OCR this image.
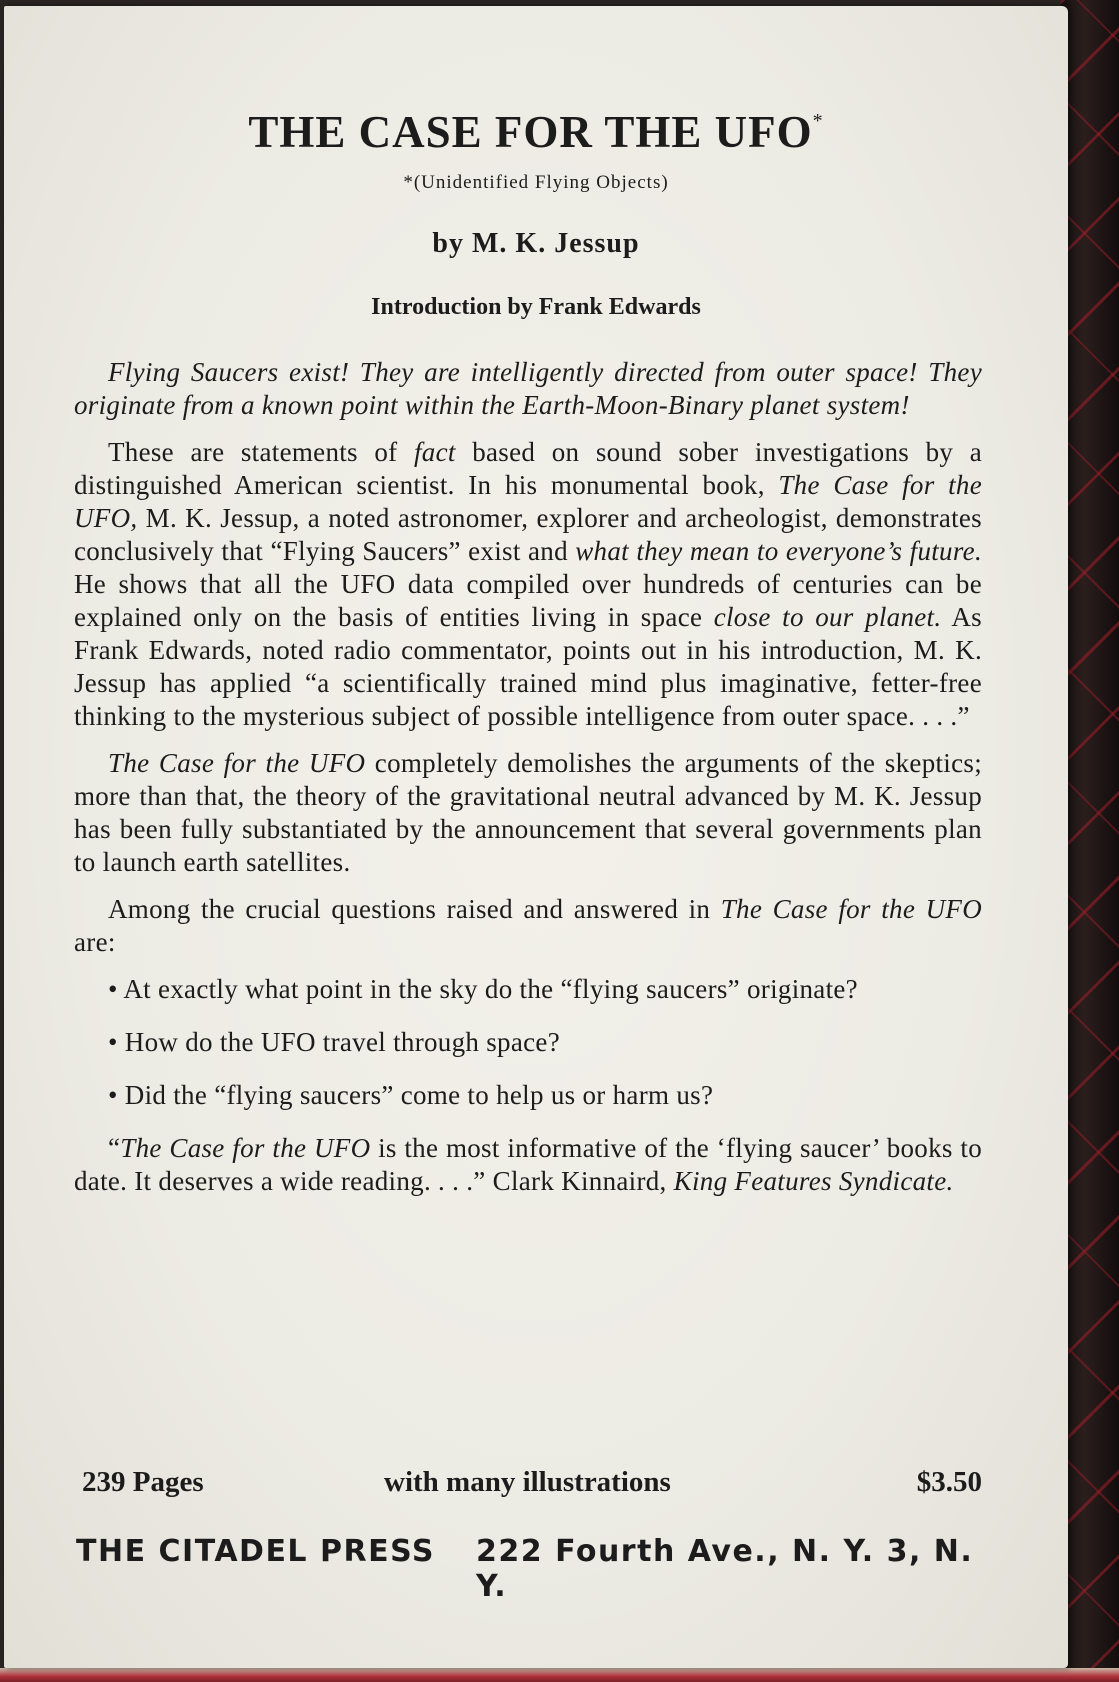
THE CASE FOR THE UFO*
*(Unidentified Flying Objects)
by M. K. Jessup
Introduction by Frank Edwards

Flying Saucers exist! They are intelligently directed from outer space! They originate from a known point within the Earth-Moon-Binary planet system!

These are statements of fact based on sound sober investigations by a distinguished American scientist. In his monumental book, The Case for the UFO, M. K. Jessup, a noted astronomer, explorer and archeologist, demonstrates conclusively that “Flying Saucers” exist and what they mean to everyone’s future. He shows that all the UFO data compiled over hundreds of centuries can be explained only on the basis of entities living in space close to our planet. As Frank Edwards, noted radio commentator, points out in his introduction, M. K. Jessup has applied “a scientifically trained mind plus imaginative, fetter-free thinking to the mysterious subject of possible intelligence from outer space. . . .”

The Case for the UFO completely demolishes the arguments of the skeptics; more than that, the theory of the gravitational neutral advanced by M. K. Jessup has been fully substantiated by the announcement that several governments plan to launch earth satellites.

Among the crucial questions raised and answered in The Case for the UFO are:

• At exactly what point in the sky do the “flying saucers” originate?

• How do the UFO travel through space?

• Did the “flying saucers” come to help us or harm us?

“The Case for the UFO is the most informative of the ‘flying saucer’ books to date. It deserves a wide reading. . . .” Clark Kinnaird, King Features Syndicate.

239 Pages	with many illustrations	$3.50
THE CITADEL PRESS 222 Fourth Ave., N. Y. 3, N. Y.
